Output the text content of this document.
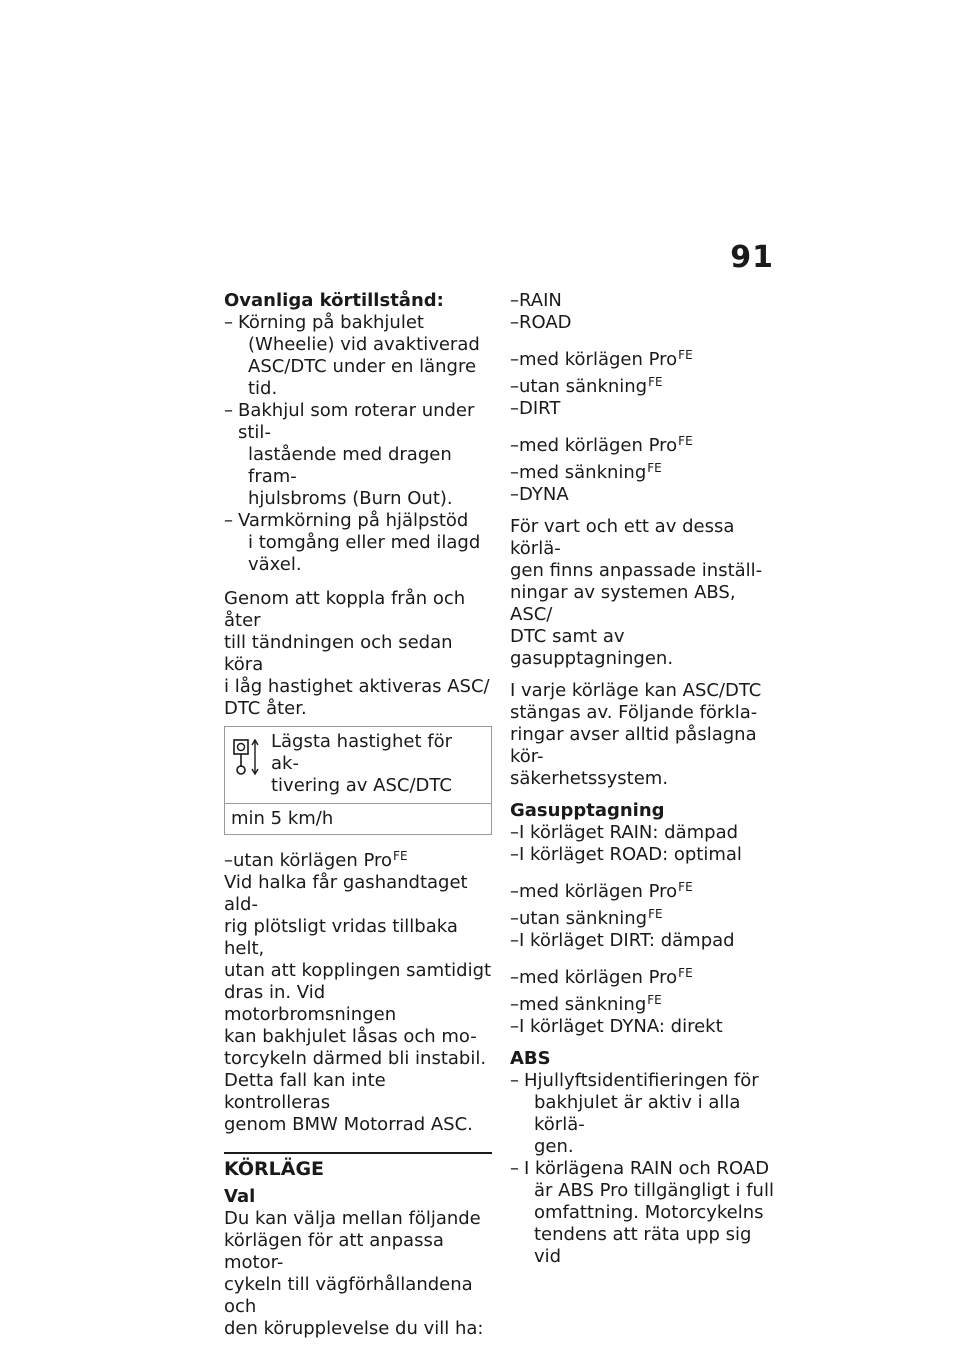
91
Ovanliga körtillstånd:
– Körning på bakhjulet
(Wheelie) vid avaktiverad
ASC/DTC under en längre tid.
– Bakhjul som roterar under stil-
lastående med dragen fram-
hjulsbroms (Burn Out).
– Varmkörning på hjälpstöd
i tomgång eller med ilagd
växel.
Genom att koppla från och åter
till tändningen och sedan köra
i låg hastighet aktiveras ASC/
DTC åter.
Lägsta hastighet för ak-
tivering av ASC/DTC
min 5 km/h
–utan körlägen Pro$^{FE}$
Vid halka får gashandtaget ald-
rig plötsligt vridas tillbaka helt,
utan att kopplingen samtidigt
dras in. Vid motorbromsningen
kan bakhjulet låsas och mo-
torcykeln därmed bli instabil.
Detta fall kan inte kontrolleras
genom BMW Motorrad ASC.
KÖRLÄGE
Val
Du kan välja mellan följande
körlägen för att anpassa motor-
cykeln till vägförhållandena och
den körupplevelse du vill ha:
–RAIN
–ROAD
–med körlägen Pro$^{FE}$
–utan sänkning$^{FE}$
–DIRT
–med körlägen Pro$^{FE}$
–med sänkning$^{FE}$
–DYNA
För vart och ett av dessa körlä-
gen finns anpassade inställ-
ningar av systemen ABS, ASC/
DTC samt av gasupptagningen.
I varje körläge kan ASC/DTC
stängas av. Följande förkla-
ringar avser alltid påslagna kör-
säkerhetssystem.
Gasupptagning
–I körläget RAIN: dämpad
–I körläget ROAD: optimal
–med körlägen Pro$^{FE}$
–utan sänkning$^{FE}$
–I körläget DIRT: dämpad
–med körlägen Pro$^{FE}$
–med sänkning$^{FE}$
–I körläget DYNA: direkt
ABS
– Hjullyftsidentifieringen för
bakhjulet är aktiv i alla körlä-
gen.
– I körlägena RAIN och ROAD
är ABS Pro tillgängligt i full
omfattning. Motorcykelns
tendens att räta upp sig vid
